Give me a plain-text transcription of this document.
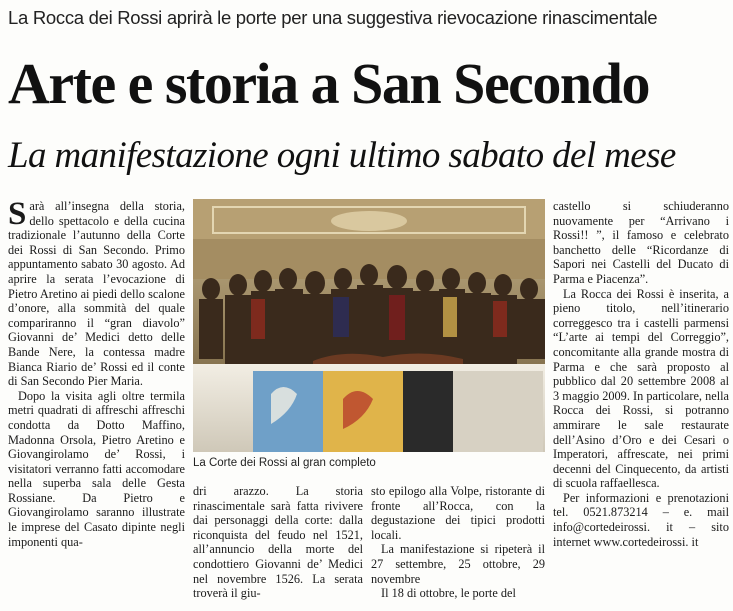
La Rocca dei Rossi aprirà le porte per una suggestiva rievocazione rinascimentale
Arte e storia a San Secondo
La manifestazione ogni ultimo sabato del mese

Sarà all’insegna della storia, dello spettacolo e della cucina tradizionale l’autunno della Corte dei Rossi di San Secondo. Primo appuntamento sabato 30 agosto. Ad aprire la serata l’evocazione di Pietro Aretino ai piedi dello scalone d’onore, alla sommità del quale compariranno il “gran diavolo” Giovanni de’ Medici detto delle Bande Nere, la contessa madre Bianca Riario de’ Rossi ed il conte di San Secondo Pier Maria.

Dopo la visita agli oltre termila metri quadrati di affreschi affreschi condotta da Dotto Maffino, Madonna Orsola, Pietro Aretino e Giovangirolamo de’ Rossi, i visitatori verranno fatti accomodare nella superba sala delle Gesta Rossiane. Da Pietro e Giovangirolamo saranno illustrate le imprese del Casato dipinte negli imponenti qua-

La Corte dei Rossi al gran completo

dri arazzo. La storia rinascimentale sarà fatta rivivere dai personaggi della corte: dalla riconquista del feudo nel 1521, all’annuncio della morte del condottiero Giovanni de’ Medici nel novembre 1526. La serata troverà il giu-

sto epilogo alla Volpe, ristorante di fronte all’Rocca, con la degustazione dei tipici prodotti locali.

La manifestazione si ripeterà il 27 settembre, 25 ottobre, 29 novembre

Il 18 di ottobre, le porte del

castello si schiuderanno nuovamente per “Arrivano i Rossi!! ”, il famoso e celebrato banchetto delle “Ricordanze di Sapori nei Castelli del Ducato di Parma e Piacenza”.

La Rocca dei Rossi è inserita, a pieno titolo, nell’itinerario correggesco tra i castelli parmensi “L’arte ai tempi del Correggio”, concomitante alla grande mostra di Parma e che sarà proposto al pubblico dal 20 settembre 2008 al 3 maggio 2009. In particolare, nella Rocca dei Rossi, si potranno ammirare le sale restaurate dell’Asino d’Oro e dei Cesari o Imperatori, affrescate, nei primi decenni del Cinquecento, da artisti di scuola raffaellesca.

Per informazioni e prenotazioni tel. 0521.873214 – e. mail info@cortedeirossi. it – sito internet www.cortedeirossi. it
